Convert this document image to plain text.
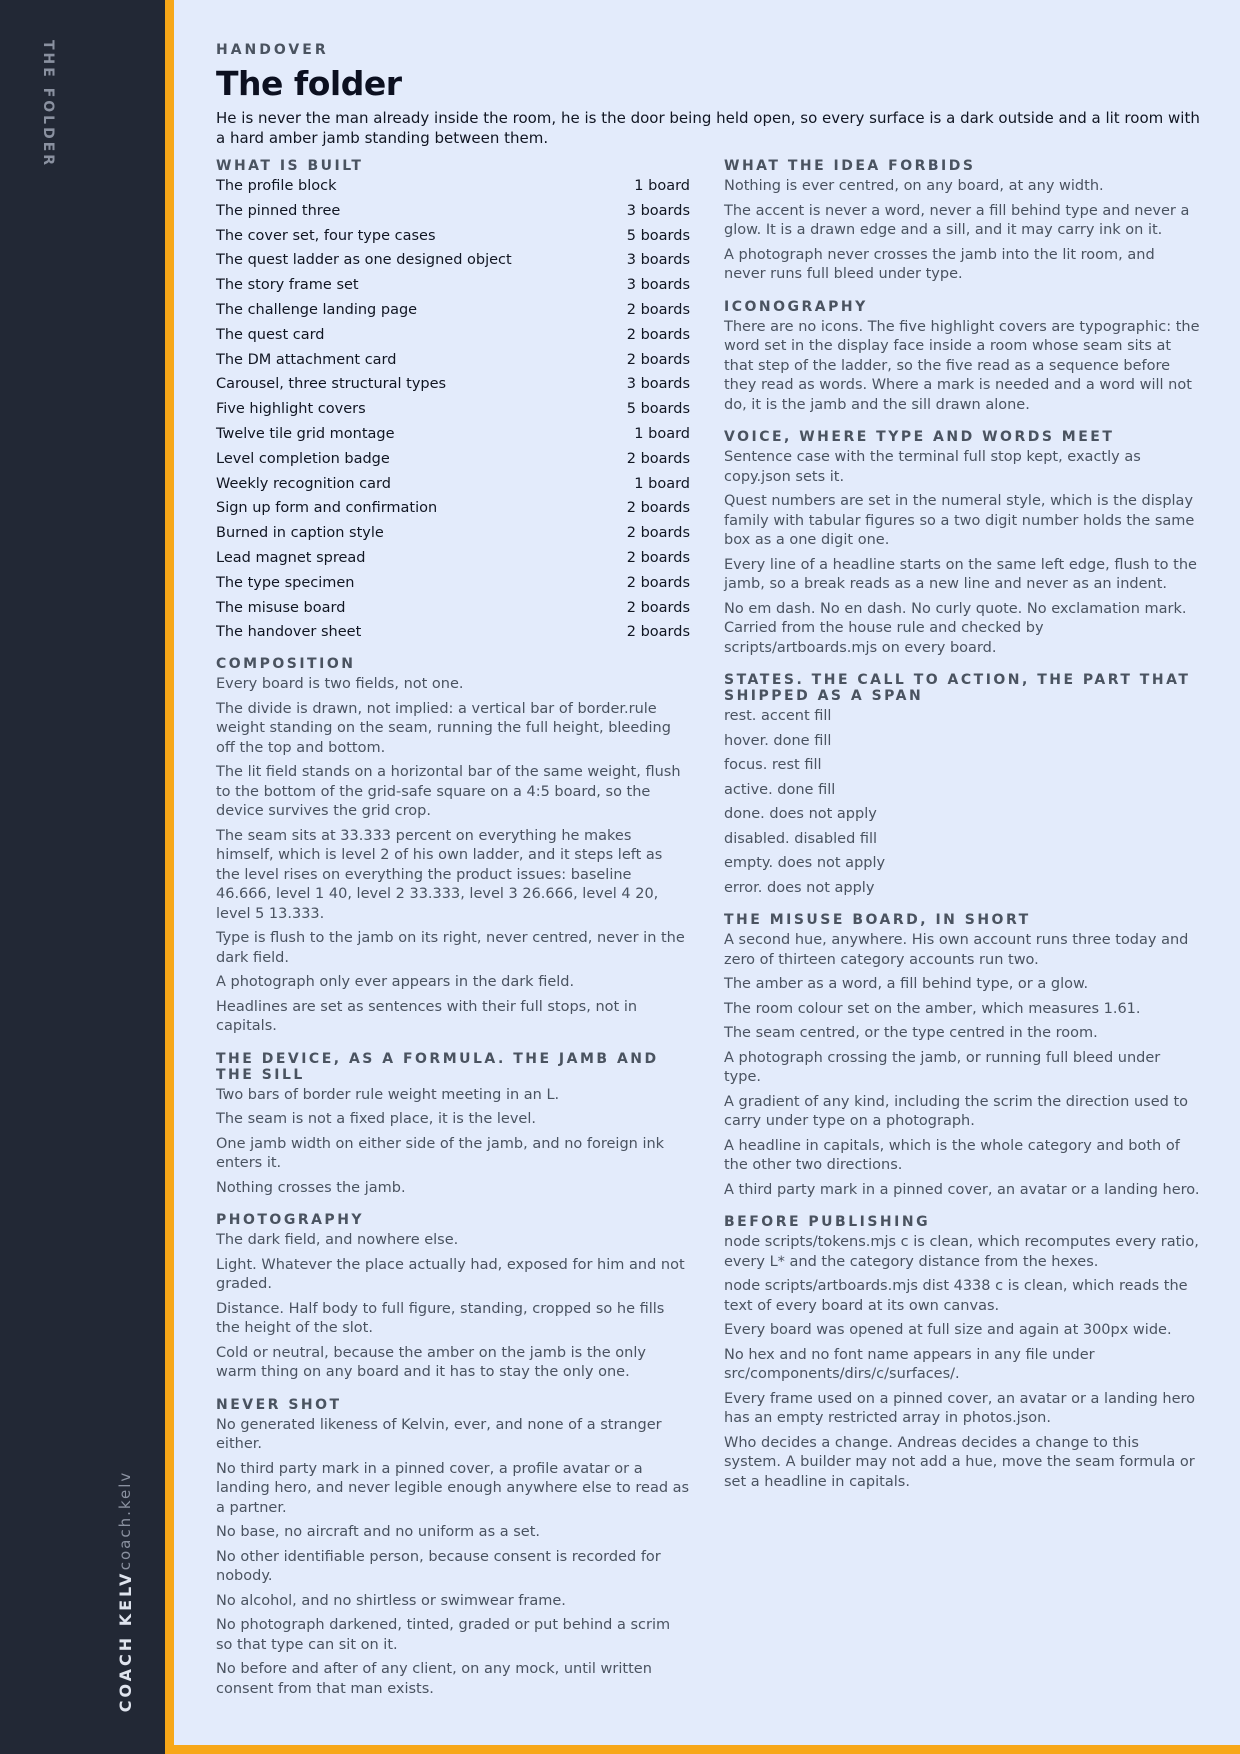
THE FOLDER
COACH KELV
coach.kelv
HANDOVER
The folder

He is never the man already inside the room, he is the door being held open, so every surface is a dark outside and a lit room with a hard amber jamb standing between them.

WHAT IS BUILT
The profile block	1 board
The pinned three	3 boards
The cover set, four type cases	5 boards
The quest ladder as one designed object	3 boards
The story frame set	3 boards
The challenge landing page	2 boards
The quest card	2 boards
The DM attachment card	2 boards
Carousel, three structural types	3 boards
Five highlight covers	5 boards
Twelve tile grid montage	1 board
Level completion badge	2 boards
Weekly recognition card	1 board
Sign up form and confirmation	2 boards
Burned in caption style	2 boards
Lead magnet spread	2 boards
The type specimen	2 boards
The misuse board	2 boards
The handover sheet	2 boards
COMPOSITION

Every board is two fields, not one.

The divide is drawn, not implied: a vertical bar of border.rule weight standing on the seam, running the full height, bleeding off the top and bottom.

The lit field stands on a horizontal bar of the same weight, flush to the bottom of the grid-safe square on a 4:5 board, so the device survives the grid crop.

The seam sits at 33.333 percent on everything he makes himself, which is level 2 of his own ladder, and it steps left as the level rises on everything the product issues: baseline 46.666, level 1 40, level 2 33.333, level 3 26.666, level 4 20, level 5 13.333.

Type is flush to the jamb on its right, never centred, never in the dark field.

A photograph only ever appears in the dark field.

Headlines are set as sentences with their full stops, not in capitals.

THE DEVICE, AS A FORMULA. THE JAMB AND THE SILL

Two bars of border rule weight meeting in an L.

The seam is not a fixed place, it is the level.

One jamb width on either side of the jamb, and no foreign ink enters it.

Nothing crosses the jamb.

PHOTOGRAPHY

The dark field, and nowhere else.

Light. Whatever the place actually had, exposed for him and not graded.

Distance. Half body to full figure, standing, cropped so he fills the height of the slot.

Cold or neutral, because the amber on the jamb is the only warm thing on any board and it has to stay the only one.

NEVER SHOT

No generated likeness of Kelvin, ever, and none of a stranger either.

No third party mark in a pinned cover, a profile avatar or a landing hero, and never legible enough anywhere else to read as a partner.

No base, no aircraft and no uniform as a set.

No other identifiable person, because consent is recorded for nobody.

No alcohol, and no shirtless or swimwear frame.

No photograph darkened, tinted, graded or put behind a scrim so that type can sit on it.

No before and after of any client, on any mock, until written consent from that man exists.

WHAT THE IDEA FORBIDS

Nothing is ever centred, on any board, at any width.

The accent is never a word, never a fill behind type and never a glow. It is a drawn edge and a sill, and it may carry ink on it.

A photograph never crosses the jamb into the lit room, and never runs full bleed under type.

ICONOGRAPHY

There are no icons. The five highlight covers are typographic: the word set in the display face inside a room whose seam sits at that step of the ladder, so the five read as a sequence before they read as words. Where a mark is needed and a word will not do, it is the jamb and the sill drawn alone.

VOICE, WHERE TYPE AND WORDS MEET

Sentence case with the terminal full stop kept, exactly as copy.json sets it.

Quest numbers are set in the numeral style, which is the display family with tabular figures so a two digit number holds the same box as a one digit one.

Every line of a headline starts on the same left edge, flush to the jamb, so a break reads as a new line and never as an indent.

No em dash. No en dash. No curly quote. No exclamation mark. Carried from the house rule and checked by scripts/artboards.mjs on every board.

STATES. THE CALL TO ACTION, THE PART THAT SHIPPED AS A SPAN

rest. accent fill

hover. done fill

focus. rest fill

active. done fill

done. does not apply

disabled. disabled fill

empty. does not apply

error. does not apply

THE MISUSE BOARD, IN SHORT

A second hue, anywhere. His own account runs three today and zero of thirteen category accounts run two.

The amber as a word, a fill behind type, or a glow.

The room colour set on the amber, which measures 1.61.

The seam centred, or the type centred in the room.

A photograph crossing the jamb, or running full bleed under type.

A gradient of any kind, including the scrim the direction used to carry under type on a photograph.

A headline in capitals, which is the whole category and both of the other two directions.

A third party mark in a pinned cover, an avatar or a landing hero.

BEFORE PUBLISHING

node scripts/tokens.mjs c is clean, which recomputes every ratio, every L* and the category distance from the hexes.

node scripts/artboards.mjs dist 4338 c is clean, which reads the text of every board at its own canvas.

Every board was opened at full size and again at 300px wide.

No hex and no font name appears in any file under src/components/dirs/c/surfaces/.

Every frame used on a pinned cover, an avatar or a landing hero has an empty restricted array in photos.json.

Who decides a change. Andreas decides a change to this system. A builder may not add a hue, move the seam formula or set a headline in capitals.
